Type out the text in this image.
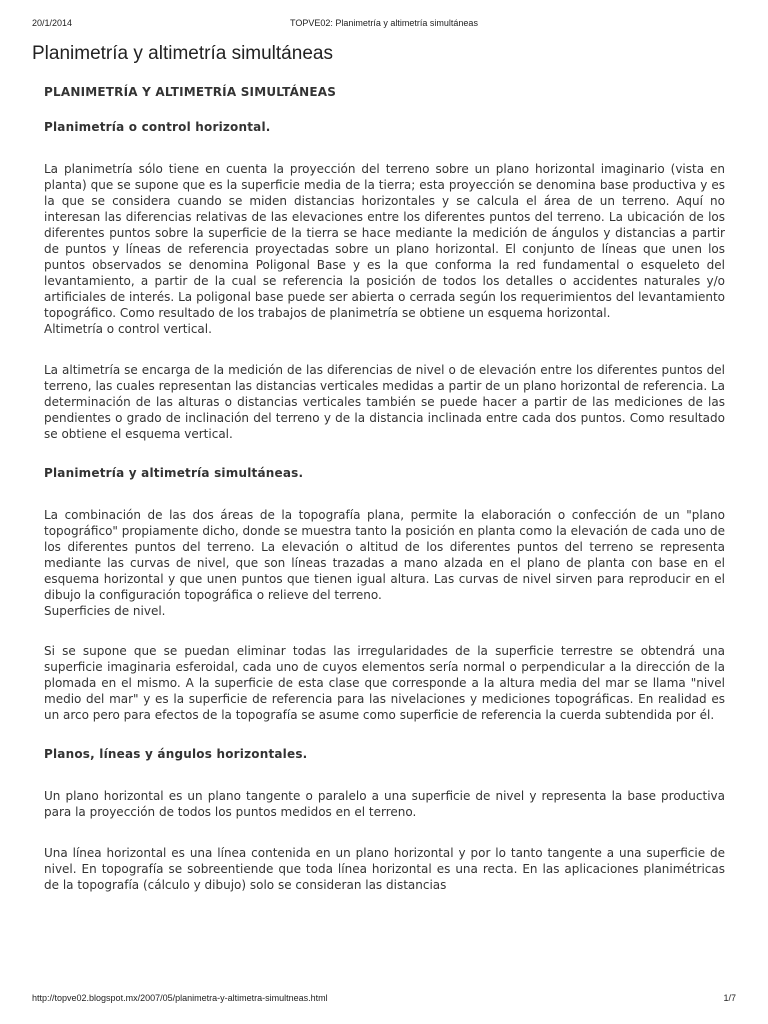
20/1/2014	TOPVE02: Planimetría y altimetría simultáneas
Planimetría y altimetría simultáneas
PLANIMETRÍA Y ALTIMETRÍA SIMULTÁNEAS
Planimetría o control horizontal.

La planimetría sólo tiene en cuenta la proyección del terreno sobre un plano horizontal imaginario (vista en planta) que se supone que es la superficie media de la tierra; esta proyección se denomina base productiva y es la que se considera cuando se miden distancias horizontales y se calcula el área de un terreno. Aquí no interesan las diferencias relativas de las elevaciones entre los diferentes puntos del terreno. La ubicación de los diferentes puntos sobre la superficie de la tierra se hace mediante la medición de ángulos y distancias a partir de puntos y líneas de referencia proyectadas sobre un plano horizontal. El conjunto de líneas que unen los puntos observados se denomina Poligonal Base y es la que conforma la red fundamental o esqueleto del levantamiento, a partir de la cual se referencia la posición de todos los detalles o accidentes naturales y/o artificiales de interés. La poligonal base puede ser abierta o cerrada según los requerimientos del levantamiento topográfico. Como resultado de los trabajos de planimetría se obtiene un esquema horizontal.
Altimetría o control vertical.

La altimetría se encarga de la medición de las diferencias de nivel o de elevación entre los diferentes puntos del terreno, las cuales representan las distancias verticales medidas a partir de un plano horizontal de referencia. La determinación de las alturas o distancias verticales también se puede hacer a partir de las mediciones de las pendientes o grado de inclinación del terreno y de la distancia inclinada entre cada dos puntos. Como resultado se obtiene el esquema vertical.

Planimetría y altimetría simultáneas.

La combinación de las dos áreas de la topografía plana, permite la elaboración o confección de un "plano topográfico" propiamente dicho, donde se muestra tanto la posición en planta como la elevación de cada uno de los diferentes puntos del terreno. La elevación o altitud de los diferentes puntos del terreno se representa mediante las curvas de nivel, que son líneas trazadas a mano alzada en el plano de planta con base en el esquema horizontal y que unen puntos que tienen igual altura. Las curvas de nivel sirven para reproducir en el dibujo la configuración topográfica o relieve del terreno.
Superficies de nivel.

Si se supone que se puedan eliminar todas las irregularidades de la superficie terrestre se obtendrá una superficie imaginaria esferoidal, cada uno de cuyos elementos sería normal o perpendicular a la dirección de la plomada en el mismo. A la superficie de esta clase que corresponde a la altura media del mar se llama "nivel medio del mar" y es la superficie de referencia para las nivelaciones y mediciones topográficas. En realidad es un arco pero para efectos de la topografía se asume como superficie de referencia la cuerda subtendida por él.

Planos, líneas y ángulos horizontales.

Un plano horizontal es un plano tangente o paralelo a una superficie de nivel y representa la base productiva para la proyección de todos los puntos medidos en el terreno.

Una línea horizontal es una línea contenida en un plano horizontal y por lo tanto tangente a una superficie de nivel. En topografía se sobreentiende que toda línea horizontal es una recta. En las aplicaciones planimétricas de la topografía (cálculo y dibujo) solo se consideran las distancias

http://topve02.blogspot.mx/2007/05/planimetra-y-altimetra-simultneas.html	1/7
